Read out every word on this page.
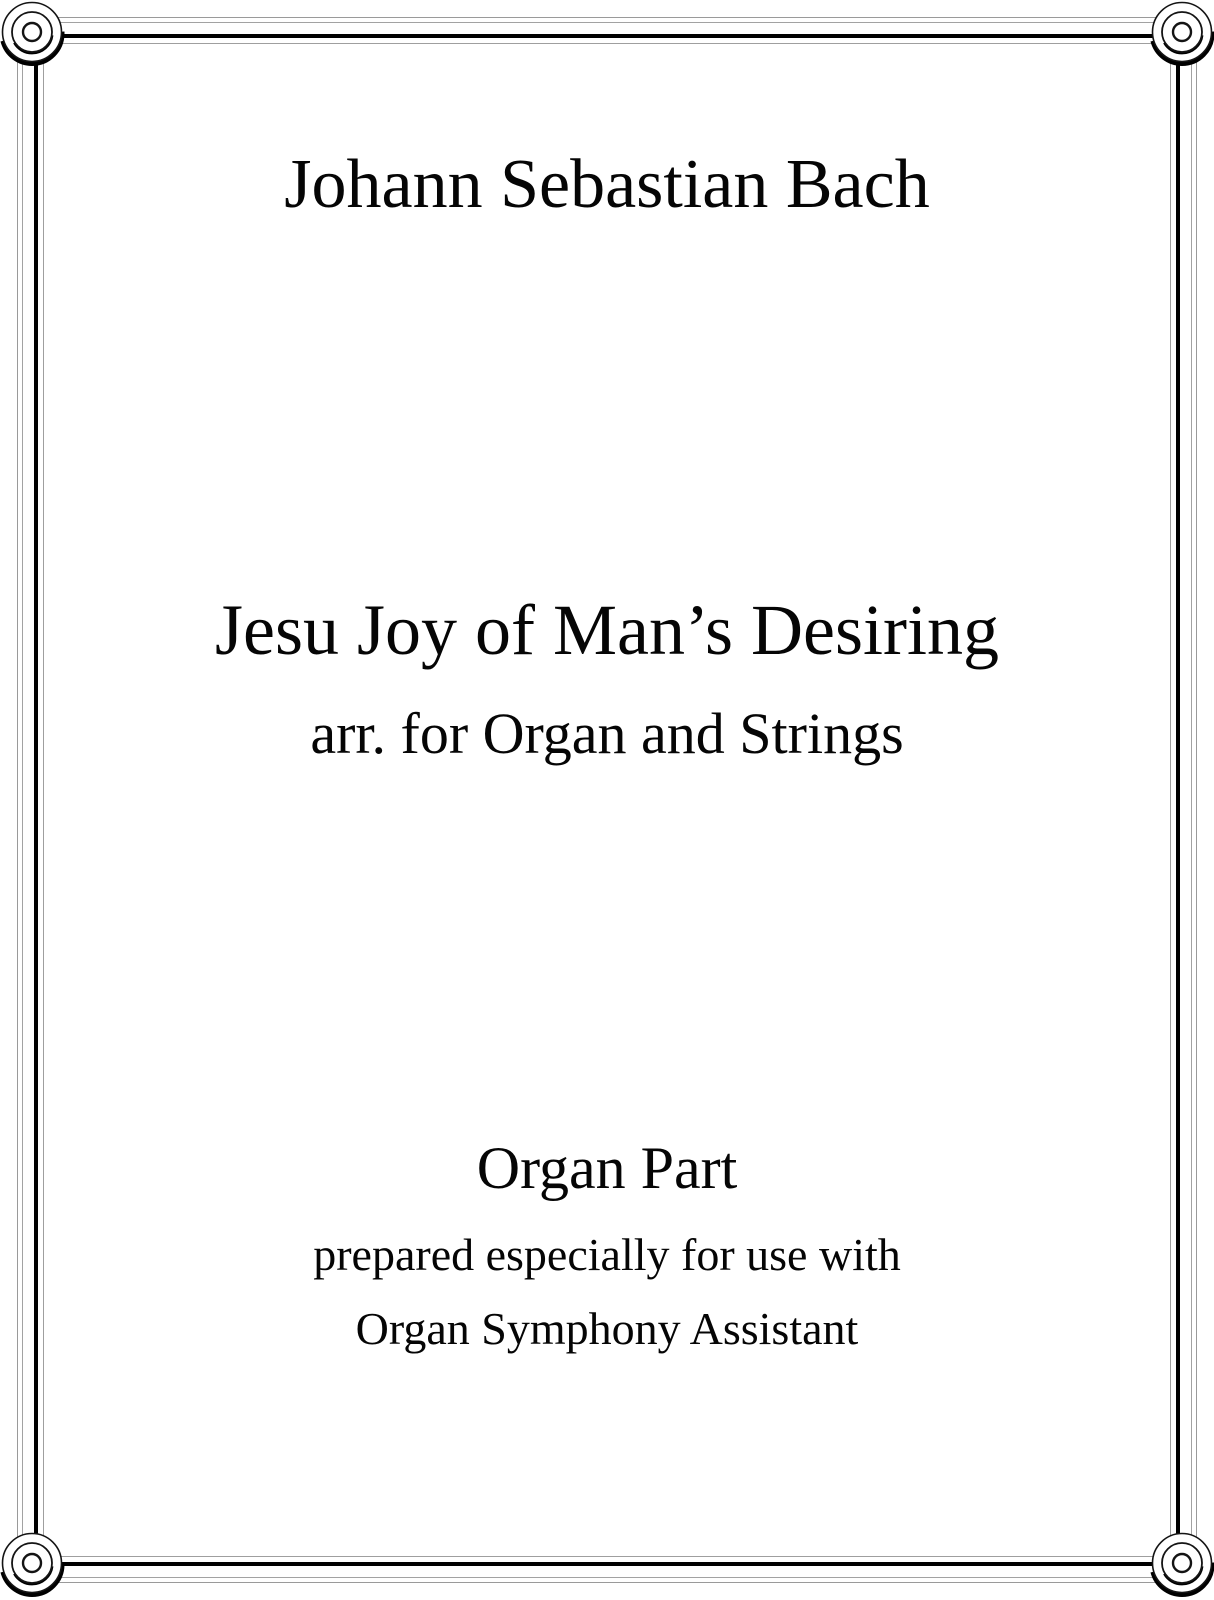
Johann Sebastian Bach
Jesu Joy of Man’s Desiring
arr. for Organ and Strings
Organ Part
prepared especially for use with
Organ Symphony Assistant
